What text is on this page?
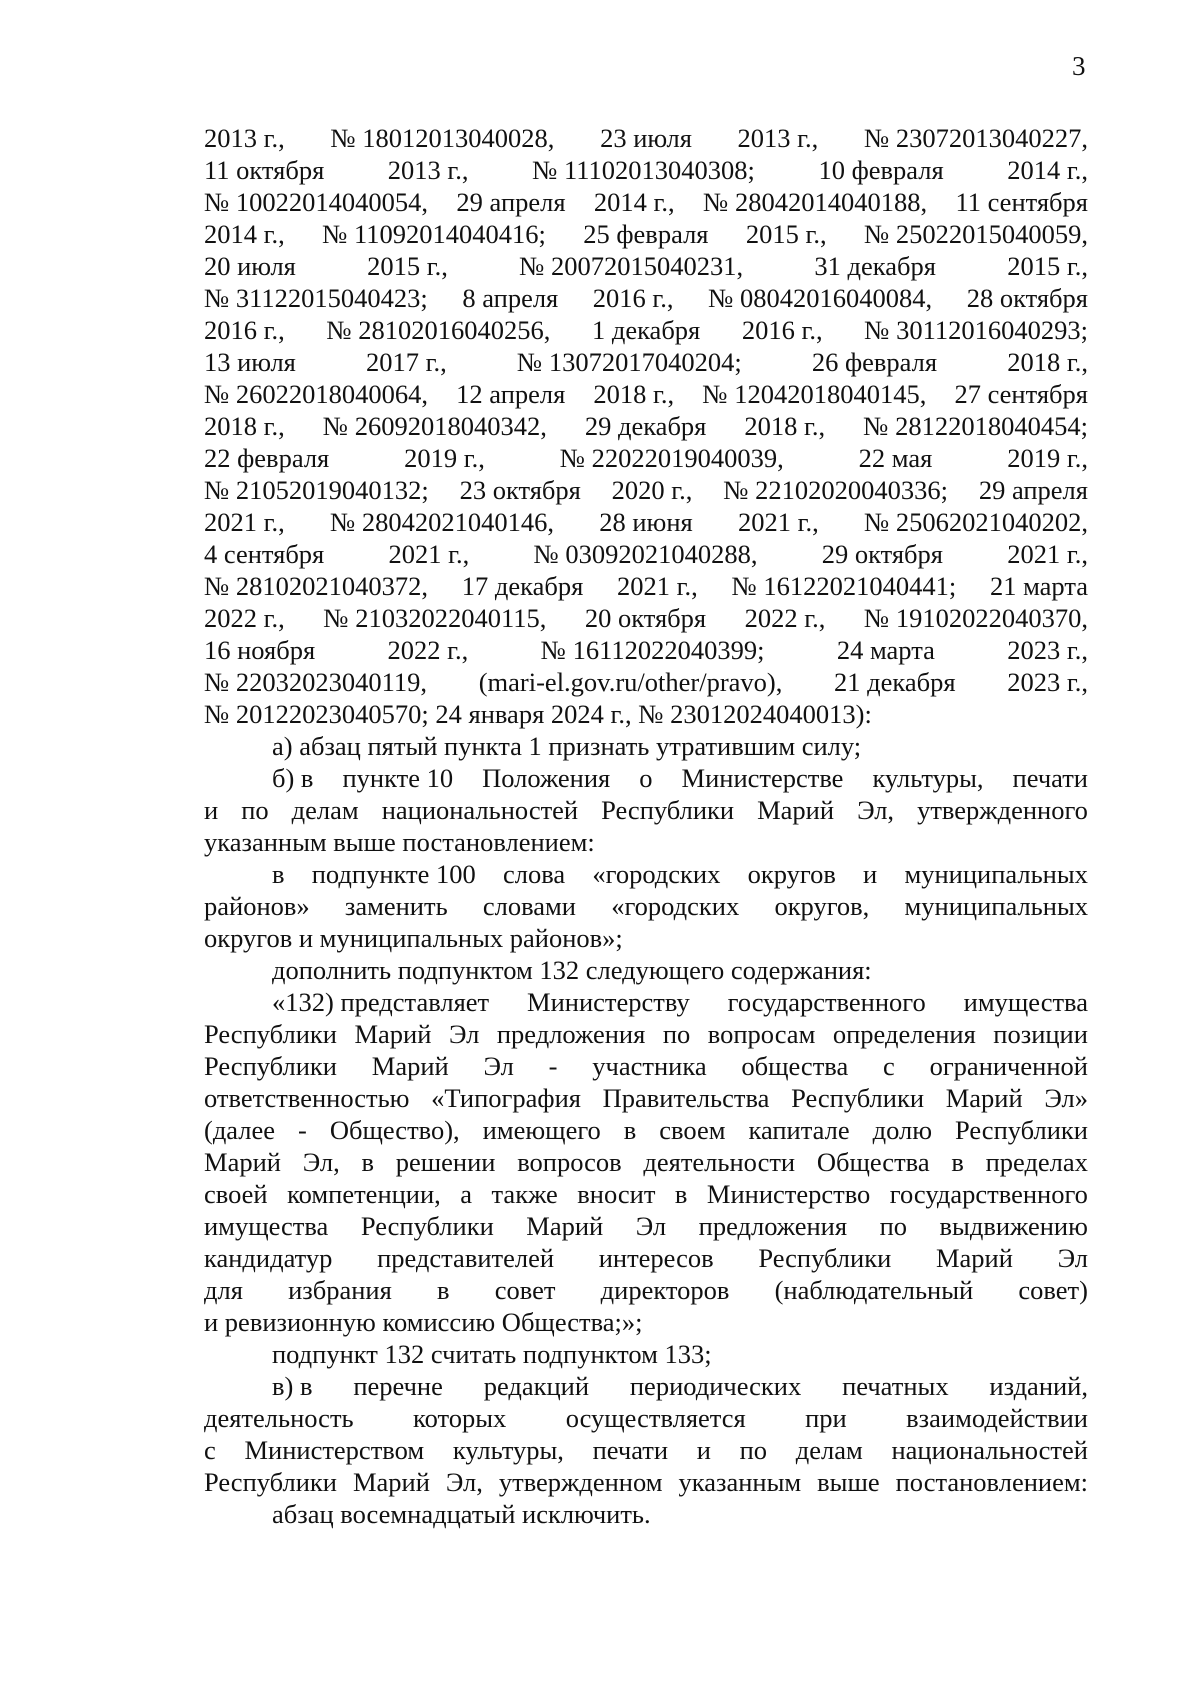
3
2013 г., № 18012013040028, 23 июля 2013 г., № 23072013040227,
11 октября 2013 г., № 11102013040308; 10 февраля 2014 г.,
№ 10022014040054, 29 апреля 2014 г., № 28042014040188, 11 сентября
2014 г., № 11092014040416; 25 февраля 2015 г., № 25022015040059,
20 июля	2015 г.,	№ 20072015040231,	31 декабря	2015 г.,
№ 31122015040423; 8 апреля 2016 г., № 08042016040084, 28 октября
2016 г., № 28102016040256, 1 декабря 2016 г., № 30112016040293;
13 июля	2017 г.,	№ 13072017040204;	26 февраля	2018 г.,
№ 26022018040064, 12 апреля 2018 г., № 12042018040145, 27 сентября
2018 г., № 26092018040342, 29 декабря 2018 г., № 28122018040454;
22 февраля	2019 г.,	№ 22022019040039,	22 мая	2019 г.,
№ 21052019040132; 23 октября 2020 г., № 22102020040336; 29 апреля
2021 г., № 28042021040146, 28 июня 2021 г., № 25062021040202,
4 сентября 2021 г., № 03092021040288, 29 октября 2021 г.,
№ 28102021040372, 17 декабря 2021 г., № 16122021040441; 21 марта
2022 г., № 21032022040115, 20 октября 2022 г., № 19102022040370,
16 ноября	2022 г.,	№ 16112022040399;	24 марта	2023 г.,
№ 22032023040119, (mari-el.gov.ru/other/pravo), 21 декабря 2023 г.,
№ 20122023040570; 24 января 2024 г., № 23012024040013):
а) абзац пятый пункта 1 признать утратившим силу;
б) в пункте 10 Положения о Министерстве культуры, печати
и по делам национальностей Республики Марий Эл, утвержденного
указанным выше постановлением:
в подпункте 100 слова «городских округов и муниципальных
районов» заменить словами «городских округов, муниципальных
округов и муниципальных районов»;
дополнить подпунктом 132 следующего содержания:
«132) представляет Министерству государственного имущества
Республики Марий Эл предложения по вопросам определения позиции
Республики Марий Эл - участника общества с ограниченной
ответственностью «Типография Правительства Республики Марий Эл»
(далее - Общество), имеющего в своем капитале долю Республики
Марий Эл, в решении вопросов деятельности Общества в пределах
своей компетенции, а также вносит в Министерство государственного
имущества Республики Марий Эл предложения по выдвижению
кандидатур представителей интересов Республики Марий Эл
для избрания в совет директоров (наблюдательный совет)
и ревизионную комиссию Общества;»;
подпункт 132 считать подпунктом 133;
в) в перечне редакций периодических печатных изданий,
деятельность которых осуществляется при взаимодействии
с Министерством культуры, печати и по делам национальностей
Республики Марий Эл, утвержденном указанным выше постановлением:
абзац восемнадцатый исключить.
